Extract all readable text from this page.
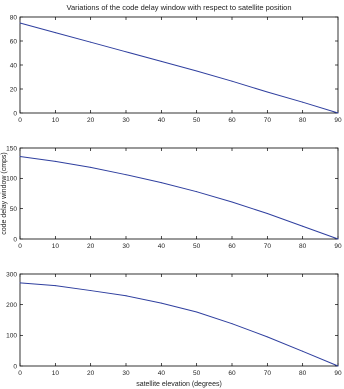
Variations of the code delay window with respect to satellite position
0	10	20	30	40	50	60	70	80	90
0
20
40
60
80
0	10	20	30	40	50	60	70	80	90
0
50
100
150
code delay window (cmps)
0	10	20	30	40	50	60	70	80	90
0
100
200
300
satellite elevation (degrees)
